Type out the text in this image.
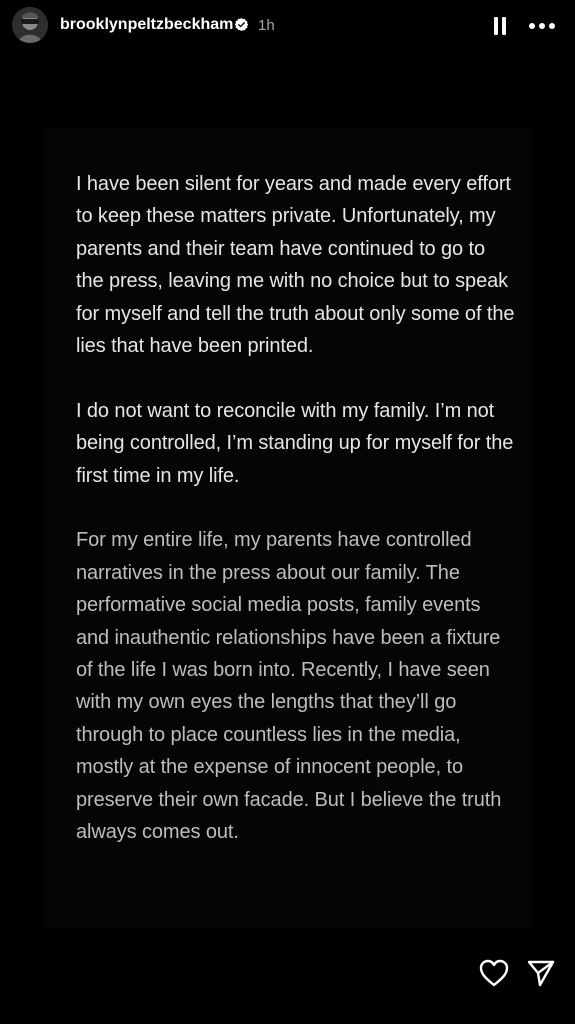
brooklynpeltzbeckham 1h

I have been silent for years and made every effort to keep these matters private. Unfortunately, my parents and their team have continued to go to the press, leaving me with no choice but to speak for myself and tell the truth about only some of the lies that have been printed.

I do not want to reconcile with my family. I’m not being controlled, I’m standing up for myself for the first time in my life.

For my entire life, my parents have controlled narratives in the press about our family. The performative social media posts, family events and inauthentic relationships have been a fixture of the life I was born into. Recently, I have seen with my own eyes the lengths that they’ll go through to place countless lies in the media, mostly at the expense of innocent people, to preserve their own facade. But I believe the truth always comes out.
